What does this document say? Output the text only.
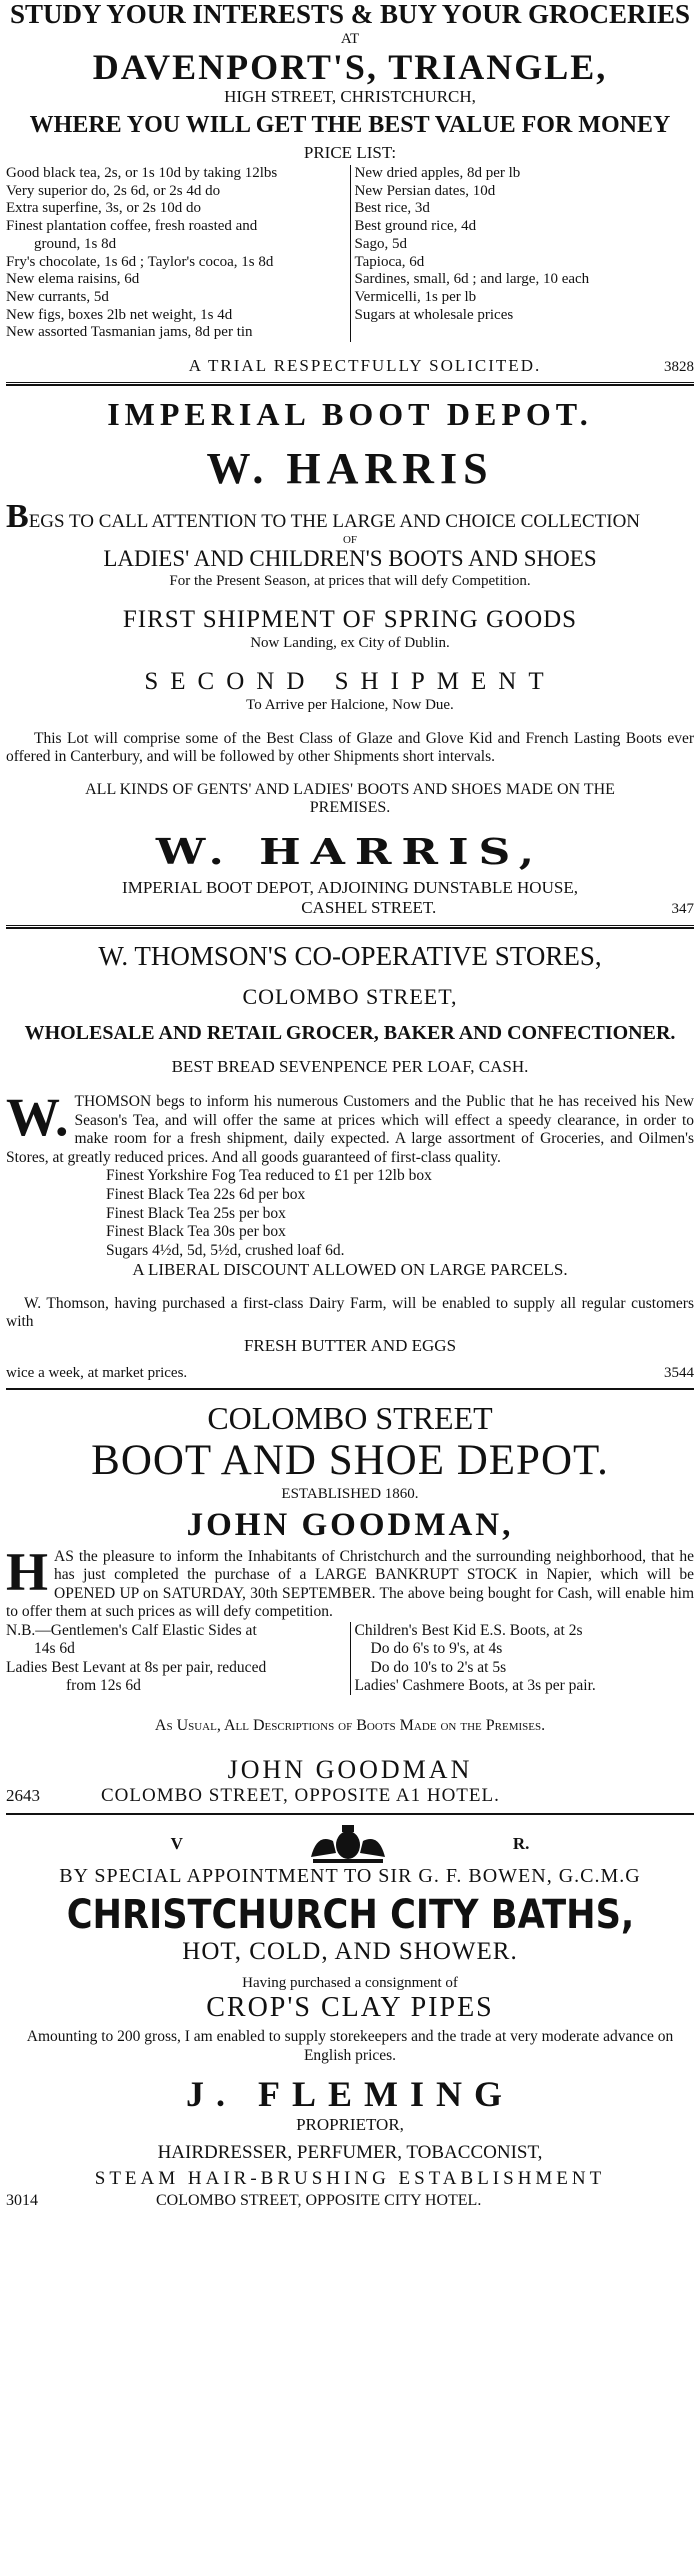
STUDY YOUR INTERESTS & BUY YOUR GROCERIES
AT
DAVENPORT'S, TRIANGLE,
HIGH STREET, CHRISTCHURCH,
WHERE YOU WILL GET THE BEST VALUE FOR MONEY
PRICE LIST:
Good black tea, 2s, or 1s 10d by taking 12lbs
Very superior do, 2s 6d, or 2s 4d do
Extra superfine, 3s, or 2s 10d do
Finest plantation coffee, fresh roasted and
ground, 1s 8d
Fry's chocolate, 1s 6d ; Taylor's cocoa, 1s 8d
New elema raisins, 6d
New currants, 5d
New figs, boxes 2lb net weight, 1s 4d
New assorted Tasmanian jams, 8d per tin
New dried apples, 8d per lb
New Persian dates, 10d
Best rice, 3d
Best ground rice, 4d
Sago, 5d
Tapioca, 6d
Sardines, small, 6d ; and large, 10 each
Vermicelli, 1s per lb
Sugars at wholesale prices
A TRIAL RESPECTFULLY SOLICITED.	3828
IMPERIAL BOOT DEPOT.
W. HARRIS
BEGS TO CALL ATTENTION TO THE LARGE AND CHOICE COLLECTION
OF
LADIES' AND CHILDREN'S BOOTS AND SHOES
For the Present Season, at prices that will defy Competition.
FIRST SHIPMENT OF SPRING GOODS
Now Landing, ex City of Dublin.
SECOND SHIPMENT
To Arrive per Halcione, Now Due.
This Lot will comprise some of the Best Class of Glaze and Glove Kid and French Lasting Boots ever offered in Canterbury, and will be followed by other Shipments short intervals.
ALL KINDS OF GENTS' AND LADIES' BOOTS AND SHOES MADE ON THE PREMISES.
W. HARRIS,
IMPERIAL BOOT DEPOT, ADJOINING DUNSTABLE HOUSE,
CASHEL STREET.	347
W. THOMSON'S CO-OPERATIVE STORES,
COLOMBO STREET,
WHOLESALE AND RETAIL GROCER, BAKER AND CONFECTIONER.
BEST BREAD SEVENPENCE PER LOAF, CASH.
W. THOMSON begs to inform his numerous Customers and the Public that he has received his New Season's Tea, and will offer the same at prices which will effect a speedy clearance, in order to make room for a fresh shipment, daily expected. A large assortment of Groceries, and Oilmen's Stores, at greatly reduced prices. And all goods guaranteed of first-class quality.
Finest Yorkshire Fog Tea reduced to £1 per 12lb box
Finest Black Tea 22s 6d per box
Finest Black Tea 25s per box
Finest Black Tea 30s per box
Sugars 4½d, 5d, 5½d, crushed loaf 6d.
A LIBERAL DISCOUNT ALLOWED ON LARGE PARCELS.
W. Thomson, having purchased a first-class Dairy Farm, will be enabled to supply all regular customers with
FRESH BUTTER AND EGGS
wice a week, at market prices.	3544
COLOMBO STREET
BOOT AND SHOE DEPOT.
ESTABLISHED 1860.
JOHN GOODMAN,
H AS the pleasure to inform the Inhabitants of Christchurch and the surrounding neighborhood, that he has just completed the purchase of a LARGE BANKRUPT STOCK in Napier, which will be OPENED UP on SATURDAY, 30th SEPTEMBER. The above being bought for Cash, will enable him to offer them at such prices as will defy competition.
N.B.—Gentlemen's Calf Elastic Sides at
14s 6d
Ladies Best Levant at 8s per pair, reduced
from 12s 6d
Children's Best Kid E.S. Boots, at 2s
Do do 6's to 9's, at 4s
Do do 10's to 2's at 5s
Ladies' Cashmere Boots, at 3s per pair.
As Usual, All Descriptions of Boots Made on the Premises.
JOHN GOODMAN
2643	COLOMBO STREET, OPPOSITE A1 HOTEL.
V	R.
BY SPECIAL APPOINTMENT TO SIR G. F. BOWEN, G.C.M.G
CHRISTCHURCH CITY BATHS,
HOT, COLD, AND SHOWER.
Having purchased a consignment of
CROP'S CLAY PIPES
Amounting to 200 gross, I am enabled to supply storekeepers and the trade at very moderate advance on English prices.
J. FLEMING
PROPRIETOR,
HAIRDRESSER, PERFUMER, TOBACCONIST,
STEAM HAIR-BRUSHING ESTABLISHMENT
3014	COLOMBO STREET, OPPOSITE CITY HOTEL.
